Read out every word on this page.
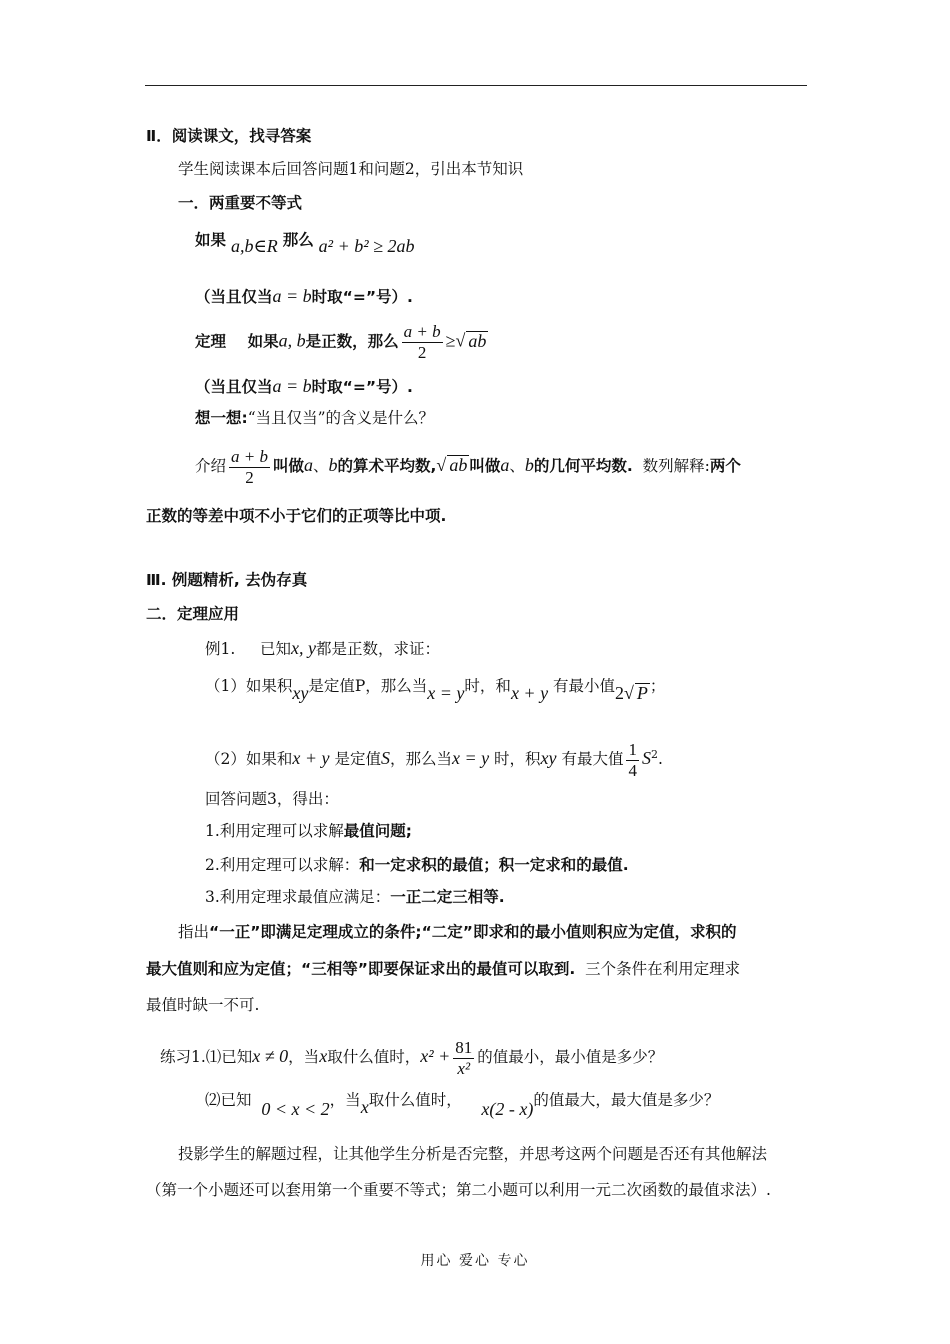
Ⅱ．阅读课文，找寻答案
学生阅读课本后回答问题1和问题2，引出本节知识
一．两重要不等式
如果 a,b∈R 那么 a² + b² ≥ 2ab
（当且仅当a = b时取“=”号）.
定理 如果a, b是正数，那么 $\frac{a + b}{2}$ ≥√ ab
（当且仅当a = b时取“=”号）.
想一想:“当且仅当”的含义是什么？
介绍 $\frac{a + b}{2}$ 叫做a、b的算术平均数,√ ab 叫做a、b的几何平均数. 数列解释:两个
正数的等差中项不小于它们的正项等比中项.
Ⅲ. 例题精析, 去伪存真
二．定理应用
例1. 已知x, y都是正数，求证：
（1）如果积xy是定值P，那么当x = y时，和x + y 有最小值2√ P ；
（2）如果和x + y 是定值S，那么当x = y 时，积xy 有最大值 $\frac{1}{4} S^2$.
回答问题3，得出：
1.利用定理可以求解最值问题;
2.利用定理可以求解：和一定求积的最值；积一定求和的最值.
3.利用定理求最值应满足：一正二定三相等.
指出“一正”即满足定理成立的条件;“二定”即求和的最小值则积应为定值，求积的
最大值则和应为定值；“三相等”即要保证求出的最值可以取到. 三个条件在利用定理求
最值时缺一不可.
练习1.⑴已知x ≠ 0，当x取什么值时，$x^2 + \frac{81}{\text{x²}}$ 的值最小，最小值是多少？
⑵已知 0 < x < 2，当x取什么值时， x(2 - x)的值最大，最大值是多少？
投影学生的解题过程，让其他学生分析是否完整，并思考这两个问题是否还有其他解法
（第一个小题还可以套用第一个重要不等式；第二小题可以利用一元二次函数的最值求法）.
用心 爱心 专心
